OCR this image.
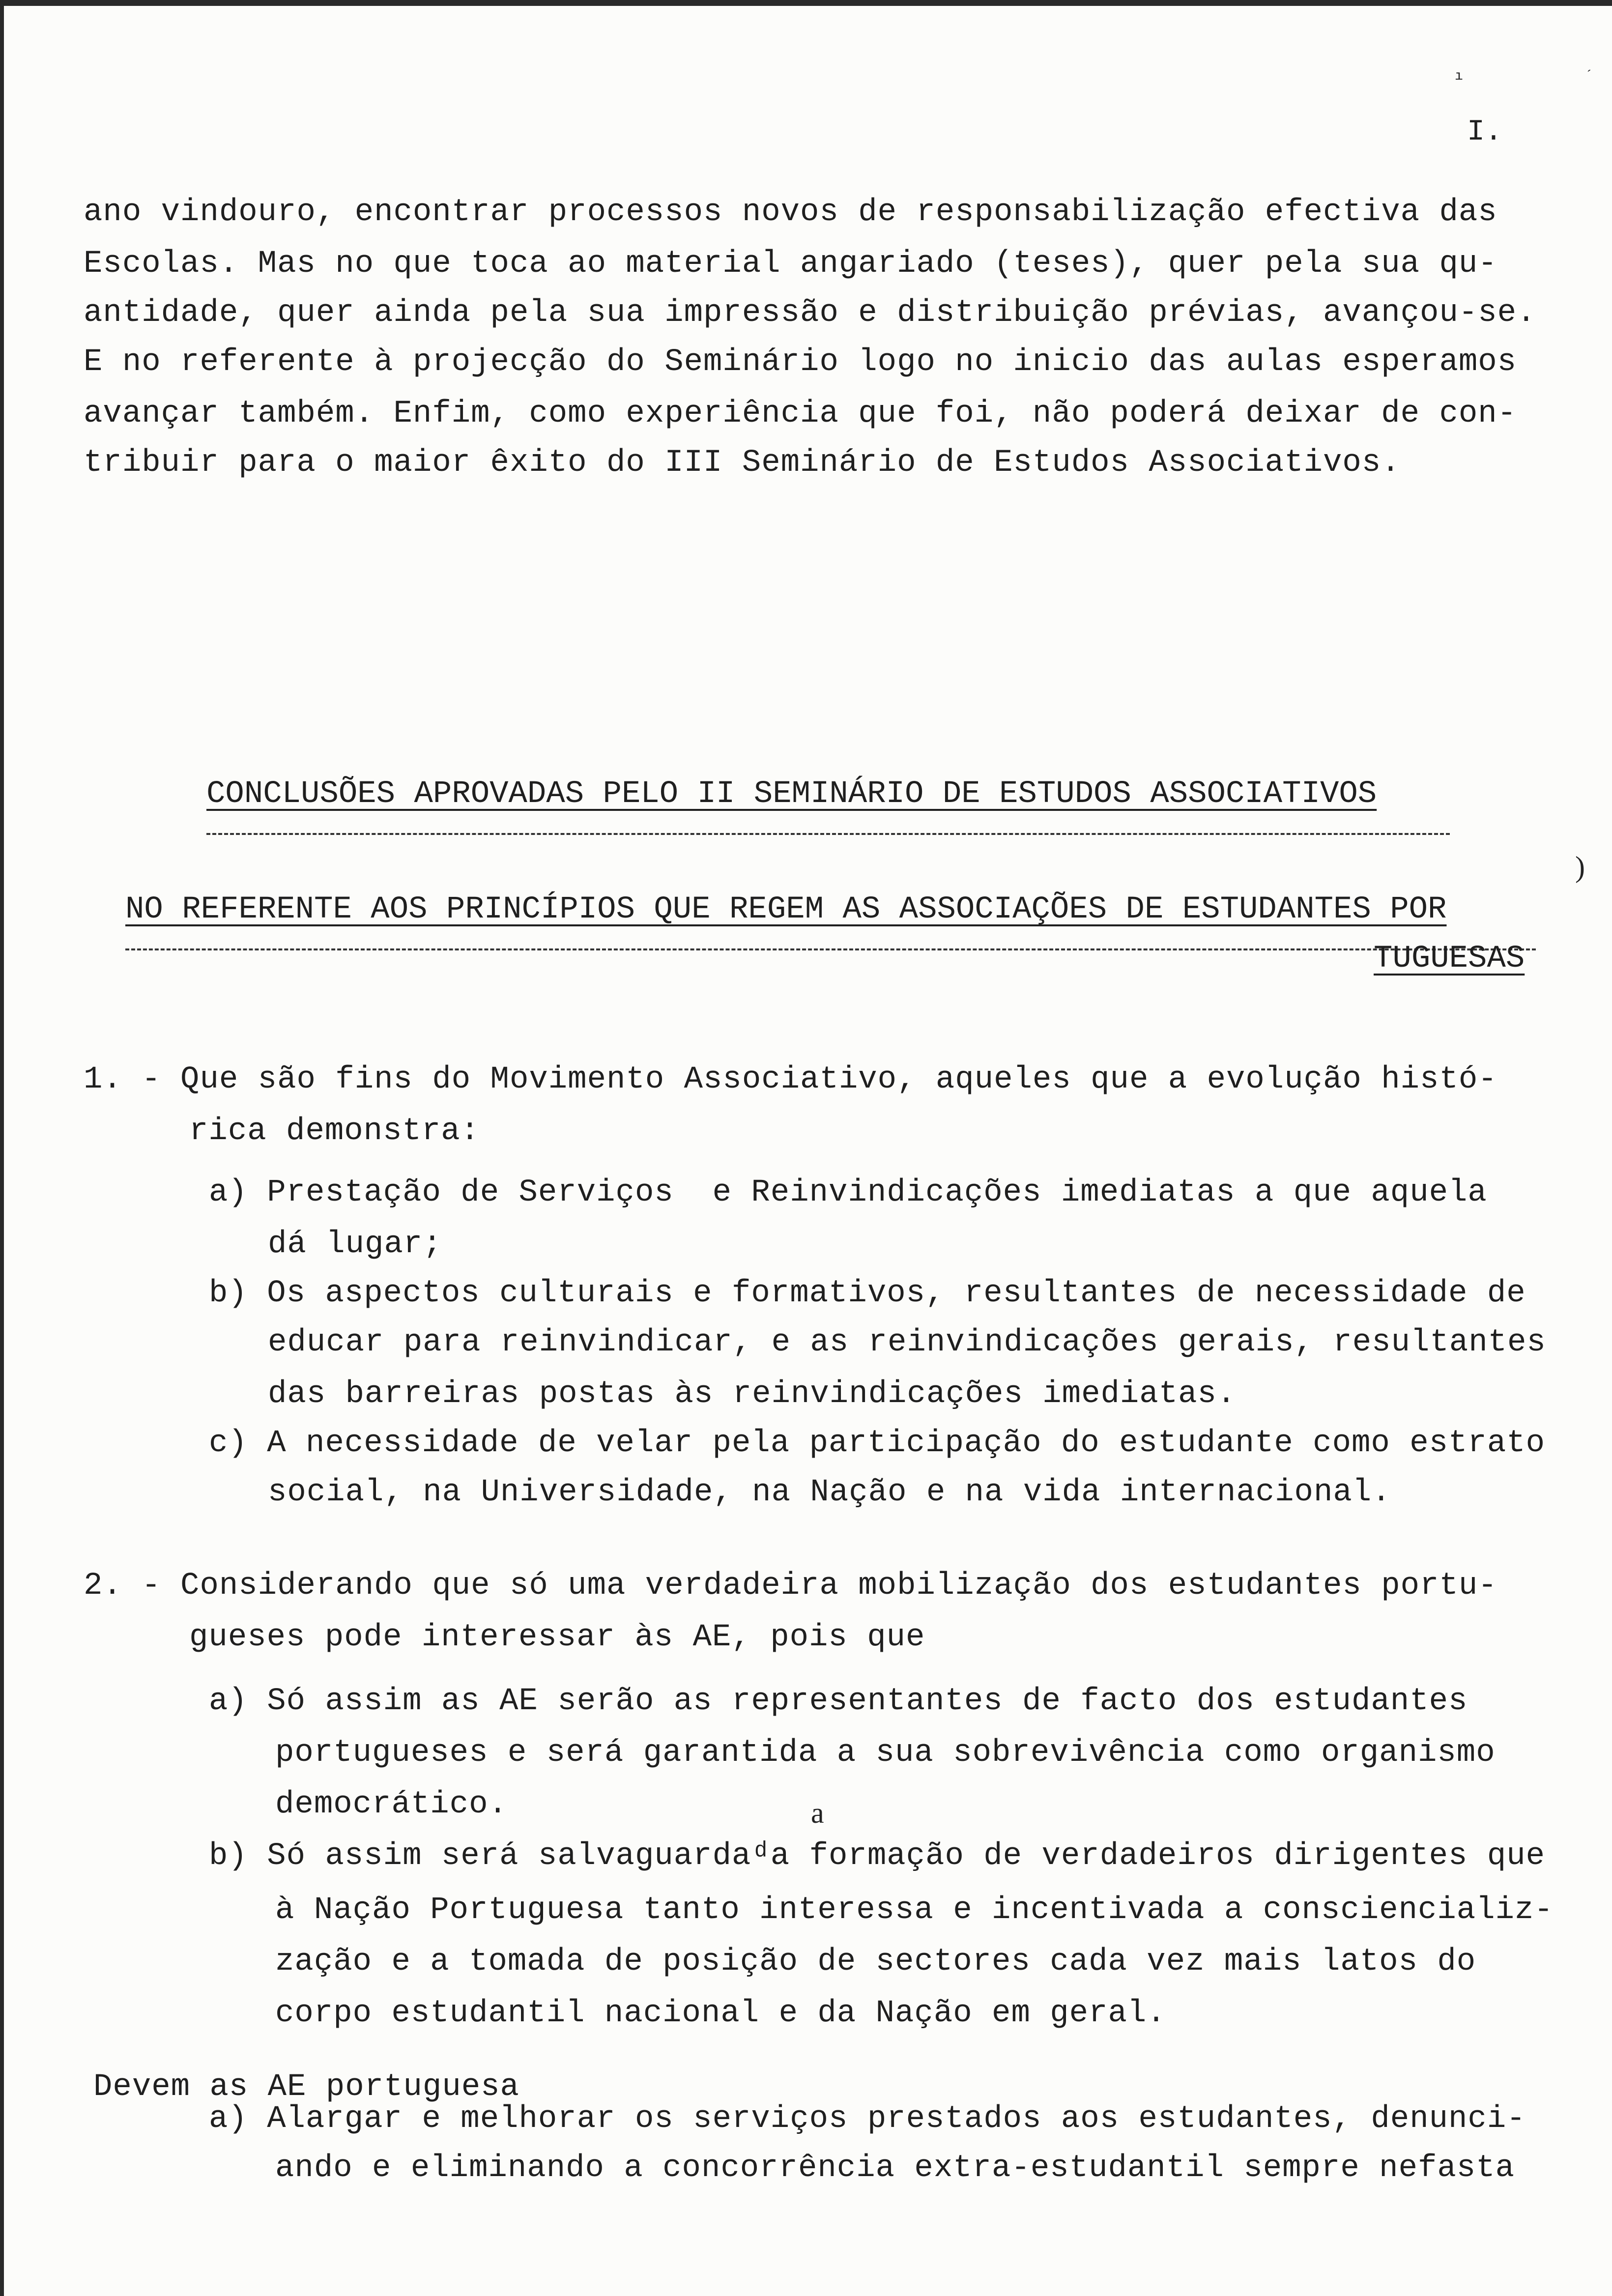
ı	´
I.
ano vindouro, encontrar processos novos de responsabilização efectiva das
Escolas. Mas no que toca ao material angariado (teses), quer pela sua qu-
antidade, quer ainda pela sua impressão e distribuição prévias, avançou-se.
E no referente à projecção do Seminário logo no inicio das aulas esperamos
avançar também. Enfim, como experiência que foi, não poderá deixar de con-
tribuir para o maior êxito do III Seminário de Estudos Associativos.
CONCLUSÕES APROVADAS PELO II SEMINÁRIO DE ESTUDOS ASSOCIATIVOS
NO REFERENTE AOS PRINCÍPIOS QUE REGEM AS ASSOCIAÇÕES DE ESTUDANTES POR
TUGUESAS
)
1. - Que são fins do Movimento Associativo, aqueles que a evolução histó-
rica demonstra:
a) Prestação de Serviços  e Reinvindicações imediatas a que aquela
dá lugar;
b) Os aspectos culturais e formativos, resultantes de necessidade de
educar para reinvindicar, e as reinvindicações gerais, resultantes
das barreiras postas às reinvindicações imediatas.
c) A necessidade de velar pela participação do estudante como estrato
social, na Universidade, na Nação e na vida internacional.
2. - Considerando que só uma verdadeira mobilização dos estudantes portu-
gueses pode interessar às AE, pois que
a) Só assim as AE serão as representantes de facto dos estudantes
portugueses e será garantida a sua sobrevivência como organismo
democrático.	a
b) Só assim será salvaguardaᵈa formação de verdadeiros dirigentes que
à Nação Portuguesa tanto interessa e incentivada a consciencializ-
zação e a tomada de posição de sectores cada vez mais latos do
corpo estudantil nacional e da Nação em geral.
Devem as AE portuguesa
a) Alargar e melhorar os serviços prestados aos estudantes, denunci-
ando e eliminando a concorrência extra-estudantil sempre nefasta
